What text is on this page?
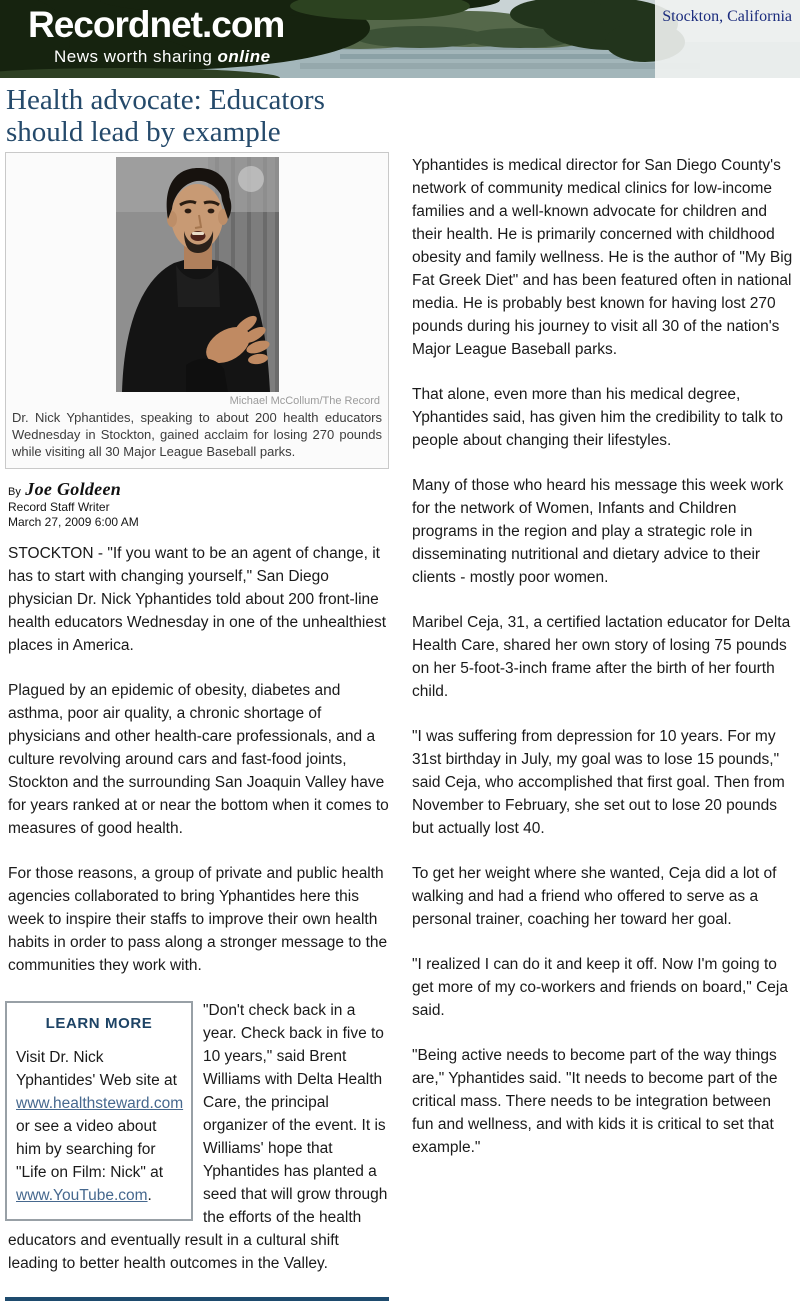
Recordnet.com
News worth sharing online
Stockton, California
Health advocate: Educators
should lead by example
Michael McCollum/The Record
Dr. Nick Yphantides, speaking to about 200 health educators Wednesday in Stockton, gained acclaim for losing 270 pounds while visiting all 30 Major League Baseball parks.
By Joe Goldeen
Record Staff Writer
March 27, 2009 6:00 AM

STOCKTON - "If you want to be an agent of change, it has to start with changing yourself," San Diego physician Dr. Nick Yphantides told about 200 front-line health educators Wednesday in one of the unhealthiest places in America.

Plagued by an epidemic of obesity, diabetes and asthma, poor air quality, a chronic shortage of physicians and other health-care professionals, and a culture revolving around cars and fast-food joints, Stockton and the surrounding San Joaquin Valley have for years ranked at or near the bottom when it comes to measures of good health.

For those reasons, a group of private and public health agencies collaborated to bring Yphantides here this week to inspire their staffs to improve their own health habits in order to pass along a stronger message to the communities they work with.

LEARN MORE
Visit Dr. Nick Yphantides' Web site at www.healthsteward.com or see a video about him by searching for "Life on Film: Nick" at www.YouTube.com.

"Don't check back in a year. Check back in five to 10 years," said Brent Williams with Delta Health Care, the principal organizer of the event. It is Williams' hope that Yphantides has planted a seed that will grow through the efforts of the health educators and eventually result in a cultural shift leading to better health outcomes in the Valley.

Yphantides is medical director for San Diego County's network of community medical clinics for low-income families and a well-known advocate for children and their health. He is primarily concerned with childhood obesity and family wellness. He is the author of "My Big Fat Greek Diet" and has been featured often in national media. He is probably best known for having lost 270 pounds during his journey to visit all 30 of the nation's Major League Baseball parks.

That alone, even more than his medical degree, Yphantides said, has given him the credibility to talk to people about changing their lifestyles.

Many of those who heard his message this week work for the network of Women, Infants and Children programs in the region and play a strategic role in disseminating nutritional and dietary advice to their clients - mostly poor women.

Maribel Ceja, 31, a certified lactation educator for Delta Health Care, shared her own story of losing 75 pounds on her 5-foot-3-inch frame after the birth of her fourth child.

"I was suffering from depression for 10 years. For my 31st birthday in July, my goal was to lose 15 pounds," said Ceja, who accomplished that first goal. Then from November to February, she set out to lose 20 pounds but actually lost 40.

To get her weight where she wanted, Ceja did a lot of walking and had a friend who offered to serve as a personal trainer, coaching her toward her goal.

"I realized I can do it and keep it off. Now I'm going to get more of my co-workers and friends on board," Ceja said.

"Being active needs to become part of the way things are," Yphantides said. "It needs to become part of the critical mass. There needs to be integration between fun and wellness, and with kids it is critical to set that example."
